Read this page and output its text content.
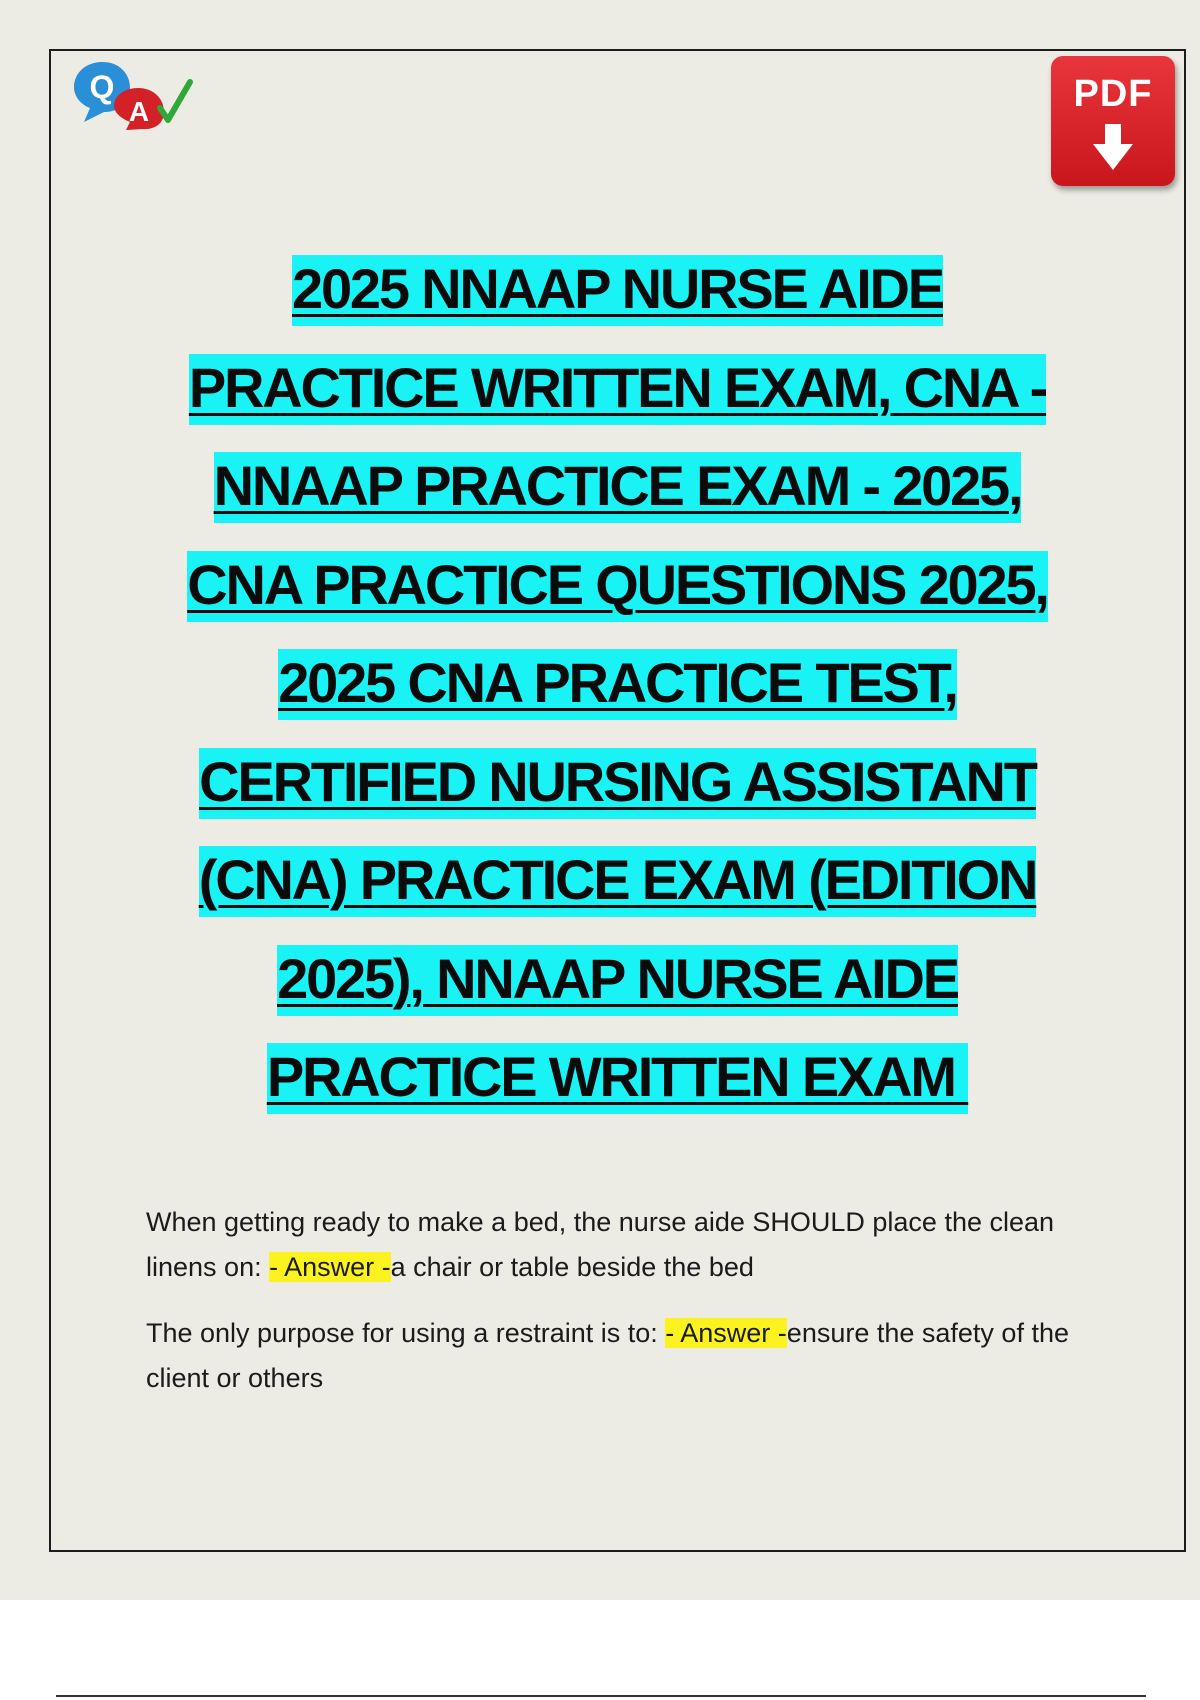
Q
A	PDF
2025 NNAAP NURSE AIDE
PRACTICE WRITTEN EXAM, CNA -
NNAAP PRACTICE EXAM - 2025,
CNA PRACTICE QUESTIONS 2025,
2025 CNA PRACTICE TEST,
CERTIFIED NURSING ASSISTANT
(CNA) PRACTICE EXAM (EDITION
2025), NNAAP NURSE AIDE
PRACTICE WRITTEN EXAM

When getting ready to make a bed, the nurse aide SHOULD place the clean linens on: - Answer -a chair or table beside the bed

The only purpose for using a restraint is to: - Answer -ensure the safety of the client or others
